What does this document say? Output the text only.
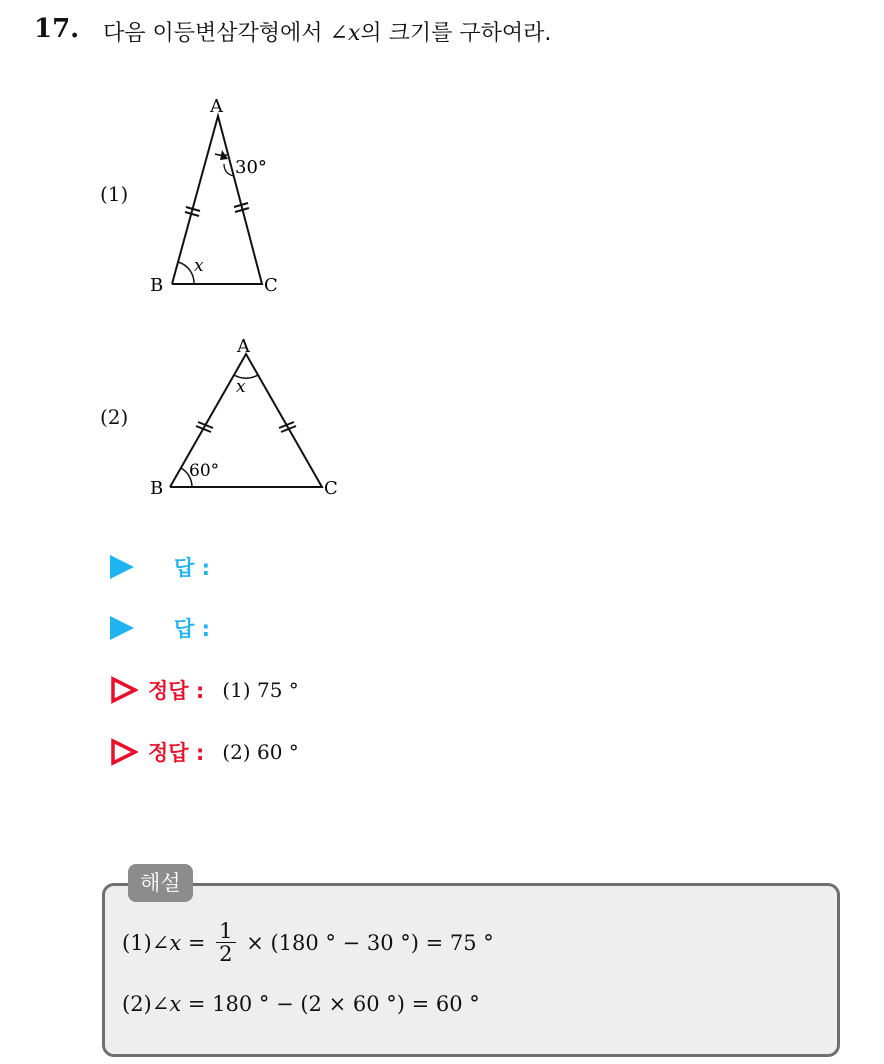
17. 다음 이등변삼각형에서 ∠x의 크기를 구하여라.
(1)
A
B	C
30°
x
(2)
A
B	C
x
60°
답 :
답 :
정답 : (1) 75 °
정답 : (2) 60 °
해설
(1) ∠x = $\frac{1}{2} \times (180$ ° − 30 °) = 75 °
(2) ∠x = 180 ° − (2 × 60 °) = 60 °
